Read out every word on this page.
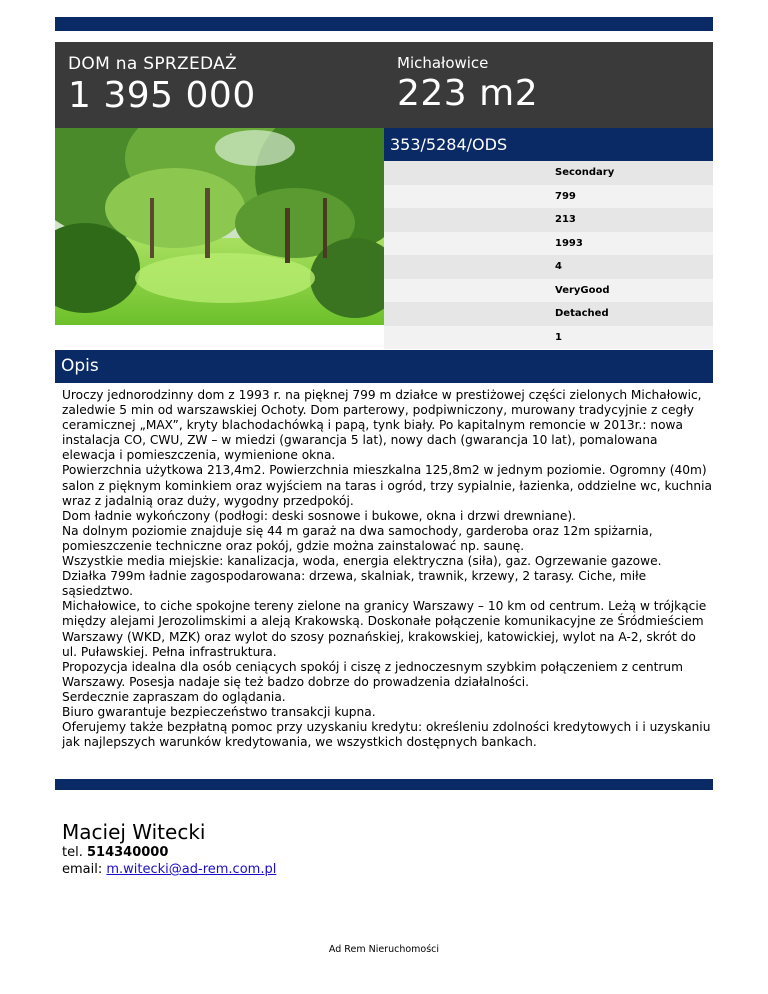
DOM na SPRZEDAŻ
1 395 000
Michałowice
223 m2
353/5284/ODS
Secondary
799
213
1993
4
VeryGood
Detached
1
Opis

Uroczy jednorodzinny dom z 1993 r. na pięknej 799 m działce w prestiżowej części zielonych Michałowic, zaledwie 5 min od warszawskiej Ochoty. Dom parterowy, podpiwniczony, murowany tradycyjnie z cegły ceramicznej „MAX”, kryty blachodachówką i papą, tynk biały. Po kapitalnym remoncie w 2013r.: nowa instalacja CO, CWU, ZW – w miedzi (gwarancja 5 lat), nowy dach (gwarancja 10 lat), pomalowana elewacja i pomieszczenia, wymienione okna.

Powierzchnia użytkowa 213,4m2. Powierzchnia mieszkalna 125,8m2 w jednym poziomie. Ogromny (40m) salon z pięknym kominkiem oraz wyjściem na taras i ogród, trzy sypialnie, łazienka, oddzielne wc, kuchnia wraz z jadalnią oraz duży, wygodny przedpokój.

Dom ładnie wykończony (podłogi: deski sosnowe i bukowe, okna i drzwi drewniane).

Na dolnym poziomie znajduje się 44 m garaż na dwa samochody, garderoba oraz 12m spiżarnia, pomieszczenie techniczne oraz pokój, gdzie można zainstalować np. saunę.

Wszystkie media miejskie: kanalizacja, woda, energia elektryczna (siła), gaz. Ogrzewanie gazowe.

Działka 799m ładnie zagospodarowana: drzewa, skalniak, trawnik, krzewy, 2 tarasy. Ciche, miłe sąsiedztwo.

Michałowice, to ciche spokojne tereny zielone na granicy Warszawy – 10 km od centrum. Leżą w trójkącie między alejami Jerozolimskimi a aleją Krakowską. Doskonałe połączenie komunikacyjne ze Śródmieściem Warszawy (WKD, MZK) oraz wylot do szosy poznańskiej, krakowskiej, katowickiej, wylot na A-2, skrót do ul. Puławskiej. Pełna infrastruktura.

Propozycja idealna dla osób ceniących spokój i ciszę z jednoczesnym szybkim połączeniem z centrum Warszawy. Posesja nadaje się też badzo dobrze do prowadzenia działalności.

Serdecznie zapraszam do oglądania.

Biuro gwarantuje bezpieczeństwo transakcji kupna.

Oferujemy także bezpłatną pomoc przy uzyskaniu kredytu: określeniu zdolności kredytowych i i uzyskaniu jak najlepszych warunków kredytowania, we wszystkich dostępnych bankach.

Maciej Witecki
tel. 514340000
email: m.witecki@ad-rem.com.pl
Ad Rem Nieruchomości
